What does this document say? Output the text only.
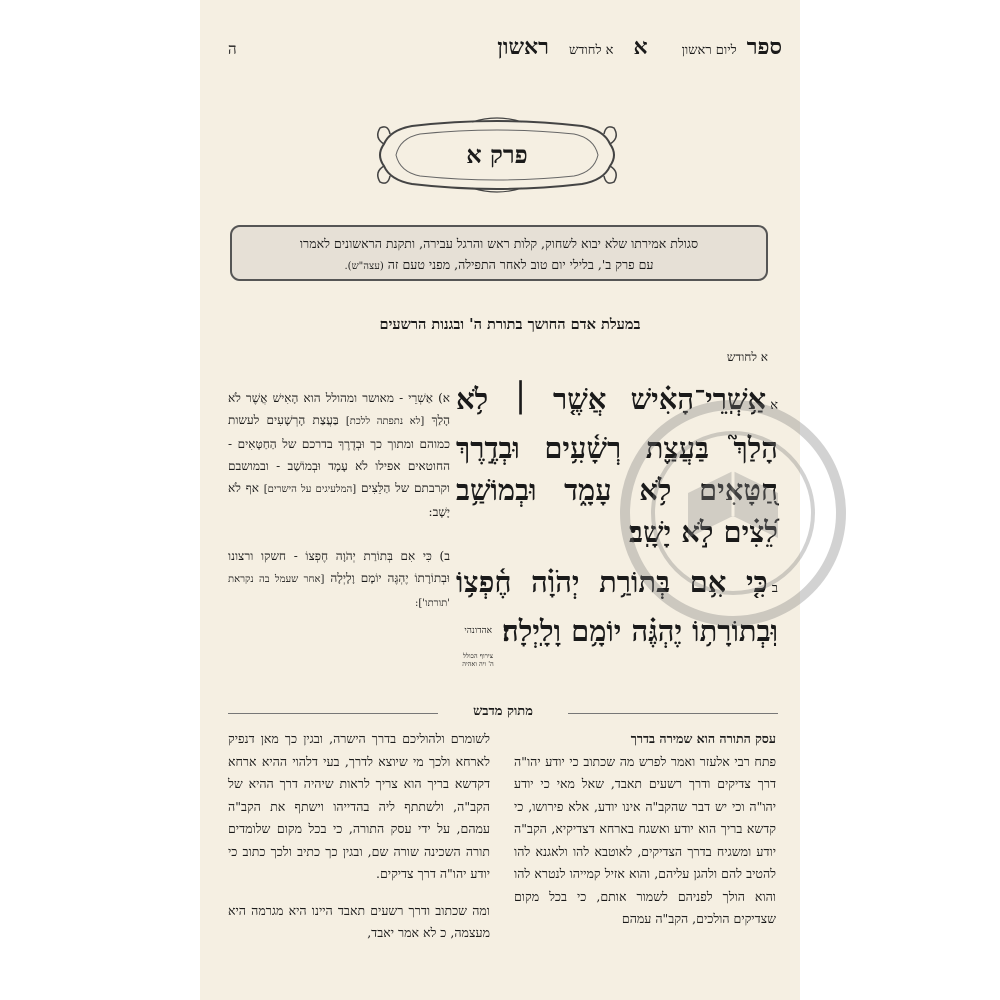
ספר
ליום ראשון
א
א לחודש
ראשון
ה
פרק א
סגולת אמירתו שלא יבוא לשחוק, קלות ראש והרגל עבירה, ותקנת הראשונים לאמרו
עם פרק ב', בלילי יום טוב לאחר התפילה, מפני טעם זה (עצה"ש).
במעלת אדם החושך בתורת ה' ובגנות הרשעים
א לחודש
אאַ֥שְֽׁרֵי־הָאִ֗ישׁ אֲשֶׁ֤ר ׀ לֹ֥א הָלַךְ֮ בַּעֲצַ֪ת רְשָׁ֫עִ֥ים וּבְדֶ֣רֶךְ חַ֭טָּאִים לֹ֥א עָמָ֑ד וּבְמוֹשַׁ֥ב לֵ֝צִ֗ים לֹ֣א יָשָֽׁב׃
בכִּ֤י אִ֥ם בְּתוֹרַ֥ת יְהֹוָ֗ה חֶ֫פְצ֥וֹ וּֽבְתוֹרָת֥וֹ יֶהְגֶּ֗ה יוֹמָ֥ם וָלָֽיְלָה׃ $^{אהדונהי}$
צירוף הכולל ה' ויה ואהיה

א) אַשְׁרֵי - מאושר ומהולל הוא הָאִישׁ אֲשֶׁר לֹא הָלַךְ [לא נתפתה ללכת] בַּעֲצַת הָרְשָׁעִים לעשות כמוהם ומתוך כך וּבְדֶרֶךְ בדרכם של הַחַטָּאִים - החוטאים אפילו לֹא עָמָד וּבְמוֹשַׁב - ובמושבם וקרבתם של הַלֵּצִים [המלעיגים על הישרים] אף לֹא יָשָׁב:

ב) כִּי אִם בְּתוֹרַת יְהֹוָה חֶפְצוֹ - חשקו ורצונו וּבְתוֹרָתוֹ יֶהְגֶּה יוֹמָם וָלָיְלָה [אחר שעמל בה נקראת 'תורתו']:

מתוק מדבש

עסק התורה הוא שמירה בדרך

פתח רבי אלעזר ואמר לפרש מה שכתוב כי יודע יהו"ה דרך צדיקים ודרך רשעים תאבד, שאל מאי כי יודע יהו"ה וכי יש דבר שהקב"ה אינו יודע, אלא פירושו, כי קדשא בריך הוא יודע ואשגח בארחא דצדיקיא, הקב"ה יודע ומשגיח בדרך הצדיקים, לאוטבא להו ולאגנא להו להטיב להם ולהגן עליהם, והוא אזיל קמייהו לנטרא להו והוא הולך לפניהם לשמור אותם, כי בכל מקום שצדיקים הולכים, הקב"ה עמהם

לשומרם ולהוליכם בדרך הישרה, ובגין כך מאן דנפיק לארחא ולכך מי שיוצא לדרך, בעי דלהוי ההיא ארחא דקדשא בריך הוא צריך לראות שיהיה דרך ההיא של הקב"ה, ולשתתף ליה בהדייהו וישתף את הקב"ה עמהם, על ידי עסק התורה, כי בכל מקום שלומדים תורה השכינה שורה שם, ובגין כך כתיב ולכך כתוב כי יודע יהו"ה דרך צדיקים.

ומה שכתוב ודרך רשעים תאבד היינו היא מגרמה היא מעצמה, כ לא אמר יאבד,
